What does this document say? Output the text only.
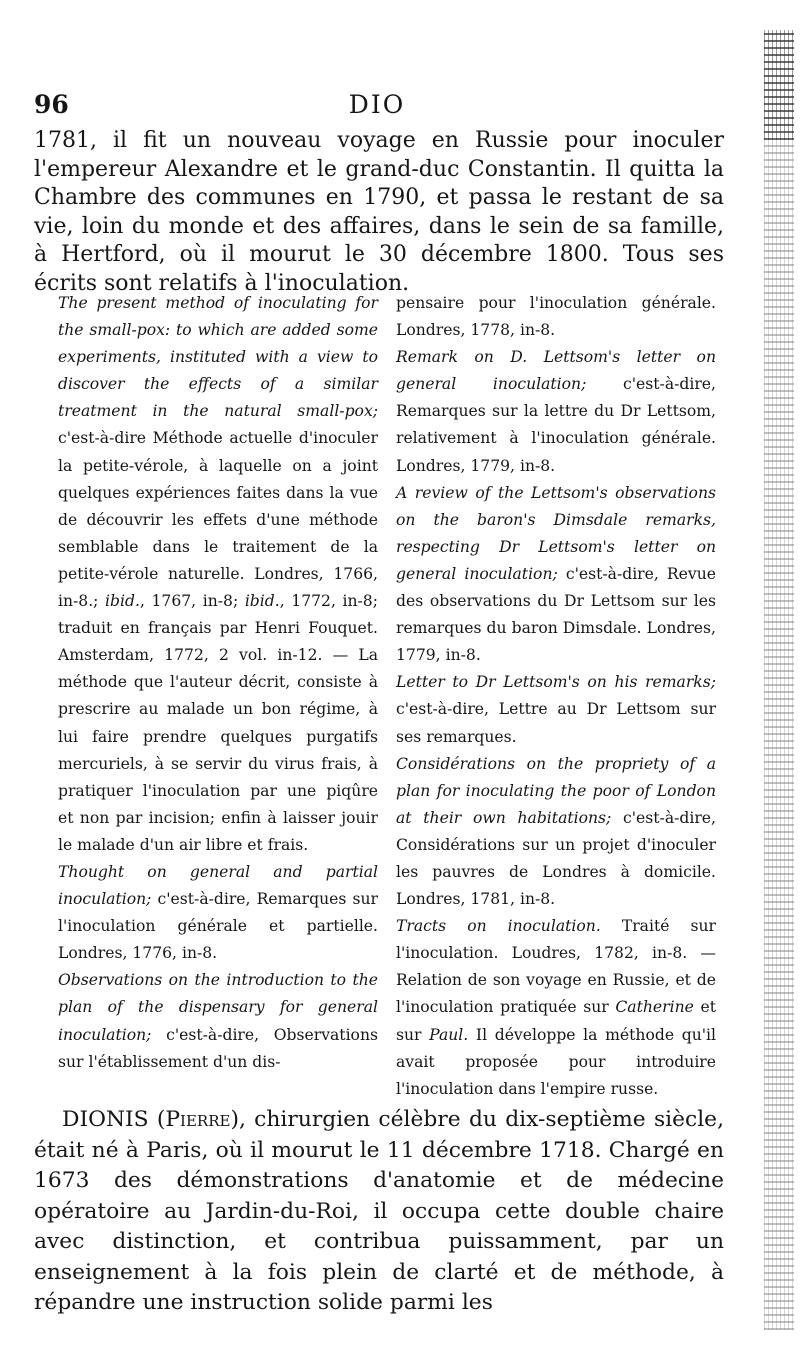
96	DIO

1781, il fit un nouveau voyage en Russie pour inoculer l'empereur Alexandre et le grand-duc Constantin. Il quitta la Chambre des communes en 1790, et passa le restant de sa vie, loin du monde et des affaires, dans le sein de sa famille, à Hertford, où il mourut le 30 décembre 1800. Tous ses écrits sont relatifs à l'inoculation.

The present method of inoculating for the small-pox: to which are added some experiments, instituted with a view to discover the effects of a similar treatment in the natural small-pox; c'est-à-dire Méthode actuelle d'inoculer la petite-vérole, à laquelle on a joint quelques expériences faites dans la vue de découvrir les effets d'une méthode semblable dans le traitement de la petite-vérole naturelle. Londres, 1766, in-8.; ibid., 1767, in-8; ibid., 1772, in-8; traduit en français par Henri Fouquet. Amsterdam, 1772, 2 vol. in-12. — La méthode que l'auteur décrit, consiste à prescrire au malade un bon régime, à lui faire prendre quelques purgatifs mercuriels, à se servir du virus frais, à pratiquer l'inoculation par une piqûre et non par incision; enfin à laisser jouir le malade d'un air libre et frais.

Thought on general and partial inoculation; c'est-à-dire, Remarques sur l'inoculation générale et partielle. Londres, 1776, in-8.

Observations on the introduction to the plan of the dispensary for general inoculation; c'est-à-dire, Observations sur l'établissement d'un dis-

pensaire pour l'inoculation générale. Londres, 1778, in-8.

Remark on D. Lettsom's letter on general inoculation; c'est-à-dire, Remarques sur la lettre du Dr Lettsom, relativement à l'inoculation générale. Londres, 1779, in-8.

A review of the Lettsom's observations on the baron's Dimsdale remarks, respecting Dr Lettsom's letter on general inoculation; c'est-à-dire, Revue des observations du Dr Lettsom sur les remarques du baron Dimsdale. Londres, 1779, in-8.

Letter to Dr Lettsom's on his remarks; c'est-à-dire, Lettre au Dr Lettsom sur ses remarques.

Considérations on the propriety of a plan for inoculating the poor of London at their own habitations; c'est-à-dire, Considérations sur un projet d'inoculer les pauvres de Londres à domicile. Londres, 1781, in-8.

Tracts on inoculation. Traité sur l'inoculation. Loudres, 1782, in-8. — Relation de son voyage en Russie, et de l'inoculation pratiquée sur Catherine et sur Paul. Il développe la méthode qu'il avait proposée pour introduire l'inoculation dans l'empire russe.

DIONIS (Pierre), chirurgien célèbre du dix-septième siècle, était né à Paris, où il mourut le 11 décembre 1718. Chargé en 1673 des démonstrations d'anatomie et de médecine opératoire au Jardin-du-Roi, il occupa cette double chaire avec distinction, et contribua puissamment, par un enseignement à la fois plein de clarté et de méthode, à répandre une instruction solide parmi les
